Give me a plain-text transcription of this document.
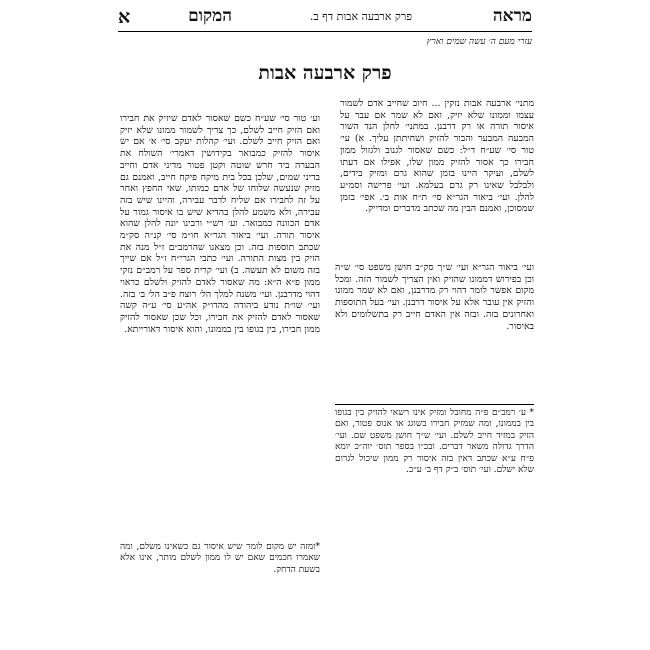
מראה
פרק ארבעה אבות דף ב.
המקום
א
עזרי מעם ה׳ עשה שמים וארץ
פרק ארבעה אבות

מתני׳ ארבעה אבות נזקין ... חיוב שחייב אדם לשמור עצמו וממונו שלא יזיק, ואם לא שמר אם עבר על איסור תורה או רק דרבנן. במתני׳ לחלן הנד השור המבעה המבער והבור להזיק ושחיתתן עליך. א) עי׳ טור סי׳ שע״ח ד״ל: כשם שאסור לגנוב ולגזול ממון חבירו כך אסור להזיק ממון שלו, אפילו אם דעתו לשלם, ועיקר היינו בזמן שהוא גרם ומזיק בידים, ולבלבל שאינו רק גרם בעלמא. ועי׳ פרישה וסמ״ע להלן. ועי׳ ביאור הגר״א סי׳ ת״ח אות ב׳. אפי׳ בזמן שמסוכן, ואמנם הבין מה שכתב מדברים ומדייק.

וע׳ טור סי׳ שע״ח כשם שאסור לאדם שיזיק את חבירו ואם הזיק חייב לשלם, כך צריך לשמור ממונו שלא יזיק ואם הזיק חייב לשלם. ועי׳ קהלות יעקב סי׳ א׳ אם יש איסור להזיק כמבואר בקידושין דאמרי׳ השולח את הבערה ביד חרש שוטה וקטן פטור מדיני אדם וחייב בדיני שמים, שלכן בכל בית מיקח פיקח חייב, ואמנם גם מזיק שנעשה שלוחו של אדם כמותו, שאי החפץ ואחר על זה לחבירו אם שליח לדבר עבירה, והיינו שיש בזה עבירה, ולא משמע להלן בהדיא שיש בו איסור גמור על אדם הכוונה כמבואר. וע׳ רש״י ורבינו יונה להלן שהוא איסור תורה. ועי׳ ביאור הגר״א חו״מ סי׳ קנ״ה סק״מ שכתב תוספות בזה. וכן מצאנו שהרמב״ם ז״ל מנה את הזיק בין מצות התורה. ועי׳ כתבי הגרי״ח ז״ל אם שייך בזה משום לא תעשה. ב) ועי׳ קרית ספר על רמב״ם נזקי ממון פ״א ה״א: מה שאסור לאדם להזיק ולשלם כראוי דהוי מדרבנן. ועי׳ משנה למלך הל׳ רוצח פ״ב הל׳ ב׳ בזה. ועי׳ שו״ת נודע ביהודה מהדו״ק אה״ע סי׳ ע״ה קשה שאסור לאדם להזיק את חבירו, וכל שכן שאסור להזיק ממון חבירו, בין בגופו בין בממונו, והוא איסור דאורייתא.

ועי׳ ביאור הגר״א ועי׳ ש״ך סק״ב חושן משפט סי׳ ש״ה וכן בפירוש דממונו שהזיק ואין הצריך לשמור הזה. ומכל מקום אפשר לומר דהוי רק מדרבנן, ואם לא שמר ממונו והזיק אין עובר אלא על איסור דרבנן. ועי׳ בעל התוספות ואחרונים בזה. ובזה אין האדם חייב רק בתשלומים ולא באיסור.

* ע׳ רמב״ם פ״ה מחובל ומזיק אינו רשאי להזיק בין בגופו בין בממונו, ומה שמזיק חבירו בשוגג או אנוס פטור, ואם הזיק במזיד חייב לשלם. ועי׳ ש״ך חושן משפט שם. ועי׳ הדרך גדולה משאר דברים. ובכ״ו בספר תוס׳ יוה״כ יומא פ״ח ע״א שכתב דאין בזה איסור רק ממון שיכול לגרום שלא ישלם. ועי׳ תוס׳ ב״ק דף ב׳ ע״ב.

*ומזה יש מקום לומר שיש איסור גם כשאינו משלם, ומה שאמרו חכמים שאם יש לו ממון לשלם מותר, אינו אלא בשעת הדחק.
